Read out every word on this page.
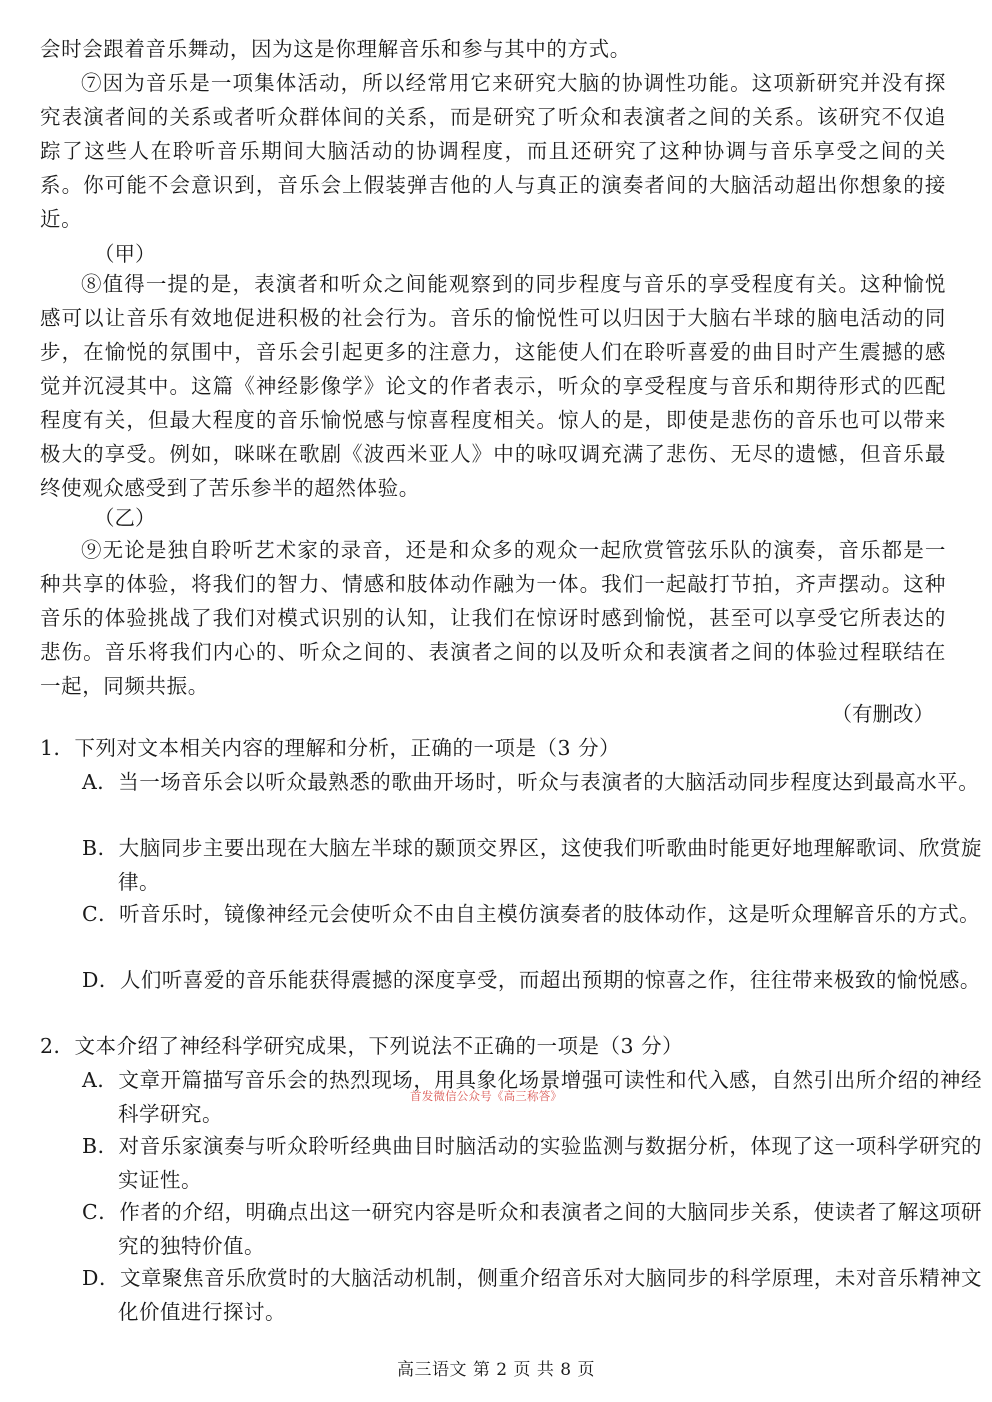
会时会跟着音乐舞动，因为这是你理解音乐和参与其中的方式。

⑦因为音乐是一项集体活动，所以经常用它来研究大脑的协调性功能。这项新研究并没有探究表演者间的关系或者听众群体间的关系，而是研究了听众和表演者之间的关系。该研究不仅追踪了这些人在聆听音乐期间大脑活动的协调程度，而且还研究了这种协调与音乐享受之间的关系。你可能不会意识到，音乐会上假装弹吉他的人与真正的演奏者间的大脑活动超出你想象的接近。

（甲）

⑧值得一提的是，表演者和听众之间能观察到的同步程度与音乐的享受程度有关。这种愉悦感可以让音乐有效地促进积极的社会行为。音乐的愉悦性可以归因于大脑右半球的脑电活动的同步，在愉悦的氛围中，音乐会引起更多的注意力，这能使人们在聆听喜爱的曲目时产生震撼的感觉并沉浸其中。这篇《神经影像学》论文的作者表示，听众的享受程度与音乐和期待形式的匹配程度有关，但最大程度的音乐愉悦感与惊喜程度相关。惊人的是，即使是悲伤的音乐也可以带来极大的享受。例如，咪咪在歌剧《波西米亚人》中的咏叹调充满了悲伤、无尽的遗憾，但音乐最终使观众感受到了苦乐参半的超然体验。

（乙）

⑨无论是独自聆听艺术家的录音，还是和众多的观众一起欣赏管弦乐队的演奏，音乐都是一种共享的体验，将我们的智力、情感和肢体动作融为一体。我们一起敲打节拍，齐声摆动。这种音乐的体验挑战了我们对模式识别的认知，让我们在惊讶时感到愉悦，甚至可以享受它所表达的悲伤。音乐将我们内心的、听众之间的、表演者之间的以及听众和表演者之间的体验过程联结在一起，同频共振。

（有删改）

1．下列对文本相关内容的理解和分析，正确的一项是（3 分）

A．当一场音乐会以听众最熟悉的歌曲开场时，听众与表演者的大脑活动同步程度达到最高水平。

B．大脑同步主要出现在大脑左半球的颞顶交界区，这使我们听歌曲时能更好地理解歌词、欣赏旋律。

C．听音乐时，镜像神经元会使听众不由自主模仿演奏者的肢体动作，这是听众理解音乐的方式。

D．人们听喜爱的音乐能获得震撼的深度享受，而超出预期的惊喜之作，往往带来极致的愉悦感。

2．文本介绍了神经科学研究成果，下列说法不正确的一项是（3 分）

A．文章开篇描写音乐会的热烈现场，用具象化场景增强可读性和代入感，自然引出所介绍的神经科学研究。

B．对音乐家演奏与听众聆听经典曲目时脑活动的实验监测与数据分析，体现了这一项科学研究的实证性。

C．作者的介绍，明确点出这一研究内容是听众和表演者之间的大脑同步关系，使读者了解这项研究的独特价值。

D．文章聚焦音乐欣赏时的大脑活动机制，侧重介绍音乐对大脑同步的科学原理，未对音乐精神文化价值进行探讨。

首发微信公众号《高三称答》

高三语文 第 2 页 共 8 页
